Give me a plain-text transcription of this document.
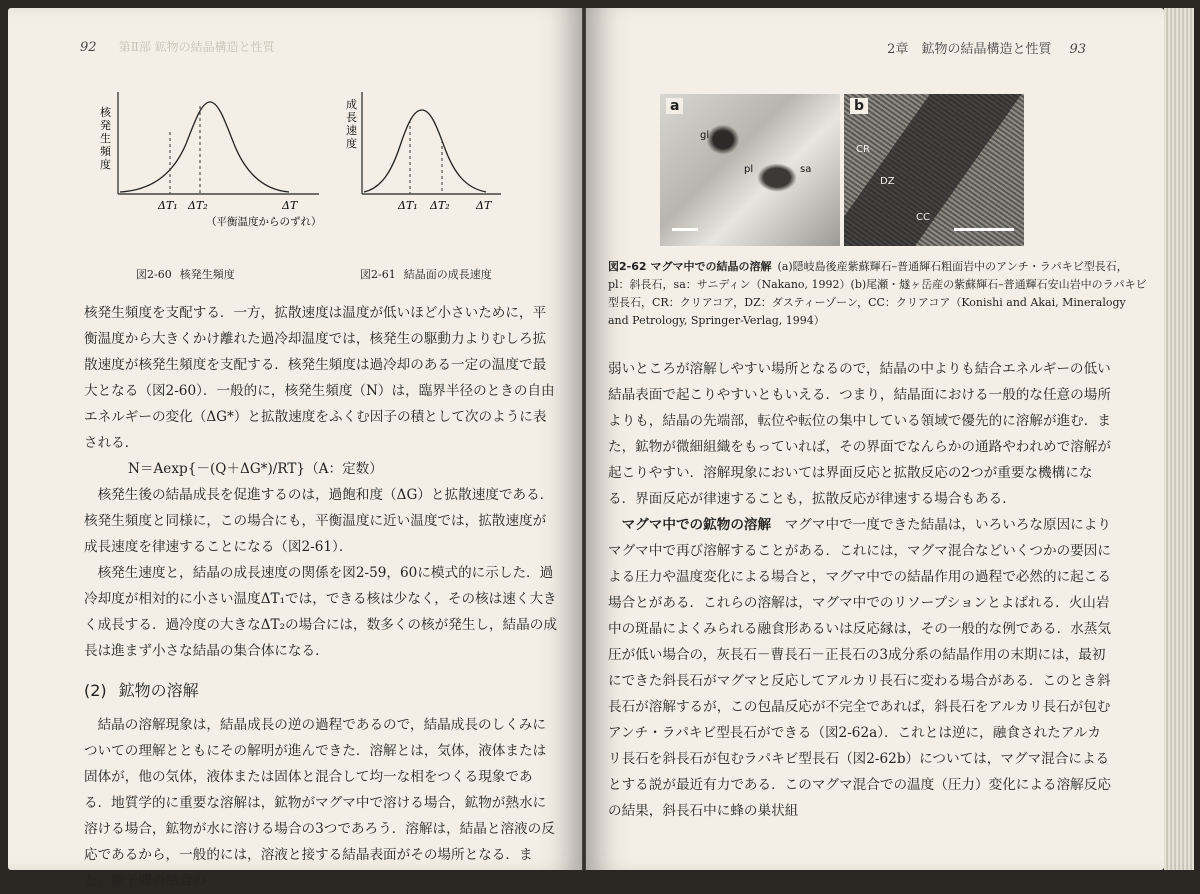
92 第Ⅱ部 鉱物の結晶構造と性質
核
発
生
頻
度
ΔT₁ ΔT₂	ΔT
（平衡温度からのずれ）
成
長
速
度
ΔT₁ ΔT₂ ΔT
図2-60 核発生頻度	図2-61 結晶面の成長速度

核発生頻度を支配する．一方，拡散速度は温度が低いほど小さいために，平衡温度から大きくかけ離れた過冷却温度では，核発生の駆動力よりむしろ拡散速度が核発生頻度を支配する．核発生頻度は過冷却のある一定の温度で最大となる（図2-60）．一般的に，核発生頻度（N）は，臨界半径のときの自由エネルギーの変化（ΔG*）と拡散速度をふくむ因子の積として次のように表される．

N＝Aexp{－(Q＋ΔG*)/RT}（A：定数）

核発生後の結晶成長を促進するのは，過飽和度（ΔG）と拡散速度である．核発生頻度と同様に，この場合にも，平衡温度に近い温度では，拡散速度が成長速度を律速することになる（図2-61）．

核発生速度と，結晶の成長速度の関係を図2-59，60に模式的に示した．過冷却度が相対的に小さい温度ΔT₁では，できる核は少なく，その核は速く大きく成長する．過冷度の大きなΔT₂の場合には，数多くの核が発生し，結晶の成長は進まず小さな結晶の集合体になる．

(2) 鉱物の溶解

結晶の溶解現象は，結晶成長の逆の過程であるので，結晶成長のしくみについての理解とともにその解明が進んできた．溶解とは，気体，液体または固体が，他の気体，液体または固体と混合して均一な相をつくる現象である．地質学的に重要な溶解は，鉱物がマグマ中で溶ける場合，鉱物が熱水に溶ける場合，鉱物が水に溶ける場合の3つであろう．溶解は，結晶と溶液の反応であるから，一般的には，溶液と接する結晶表面がその場所となる．また，原子間の結合の

2章　鉱物の結晶構造と性質 93
a
gl
pl	sa
b
CR
DZ
CC
図2-62 マグマ中での結晶の溶解 (a)隠岐島後産紫蘇輝石–普通輝石粗面岩中のアンチ・ラパキビ型長石，pl：斜長石，sa：サニディン（Nakano, 1992）(b)尾瀬・燧ヶ岳産の紫蘇輝石–普通輝石安山岩中のラパキビ型長石，CR：クリアコア，DZ：ダスティーゾーン，CC：クリアコア（Konishi and Akai, Mineralogy and Petrology, Springer-Verlag, 1994）

弱いところが溶解しやすい場所となるので，結晶の中よりも結合エネルギーの低い結晶表面で起こりやすいともいえる．つまり，結晶面における一般的な任意の場所よりも，結晶の先端部，転位や転位の集中している領域で優先的に溶解が進む．また，鉱物が微細組織をもっていれば，その界面でなんらかの通路やわれめで溶解が起こりやすい．溶解現象においては界面反応と拡散反応の2つが重要な機構になる．界面反応が律速することも，拡散反応が律速する場合もある．

マグマ中での鉱物の溶解　 マグマ中で一度できた結晶は，いろいろな原因によりマグマ中で再び溶解することがある．これには，マグマ混合などいくつかの要因による圧力や温度変化による場合と，マグマ中での結晶作用の過程で必然的に起こる場合とがある．これらの溶解は，マグマ中でのリソープションとよばれる．火山岩中の斑晶によくみられる融食形あるいは反応縁は，その一般的な例である．水蒸気圧が低い場合の，灰長石－曹長石－正長石の3成分系の結晶作用の末期には，最初にできた斜長石がマグマと反応してアルカリ長石に変わる場合がある．このとき斜長石が溶解するが，この包晶反応が不完全であれば，斜長石をアルカリ長石が包むアンチ・ラパキビ型長石ができる（図2-62a）．これとは逆に，融食されたアルカリ長石を斜長石が包むラパキビ型長石（図2-62b）については，マグマ混合によるとする説が最近有力である．このマグマ混合での温度（圧力）変化による溶解反応の結果，斜長石中に蜂の巣状組
